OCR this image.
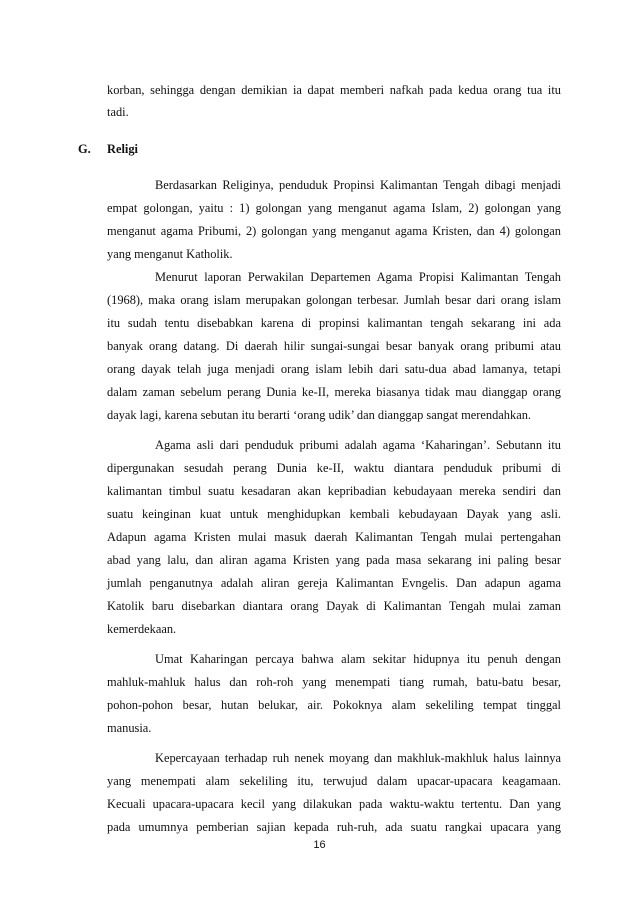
korban, sehingga dengan demikian ia dapat memberi nafkah pada kedua orang tua itu
tadi.
G. Religi
Berdasarkan Religinya, penduduk Propinsi Kalimantan Tengah dibagi menjadi
empat golongan, yaitu : 1) golongan yang menganut agama Islam, 2) golongan yang
menganut agama Pribumi, 2) golongan yang menganut agama Kristen, dan 4) golongan
yang menganut Katholik.
Menurut laporan Perwakilan Departemen Agama Propisi Kalimantan Tengah
(1968), maka orang islam merupakan golongan terbesar. Jumlah besar dari orang islam
itu sudah tentu disebabkan karena di propinsi kalimantan tengah sekarang ini ada
banyak orang datang. Di daerah hilir sungai-sungai besar banyak orang pribumi atau
orang dayak telah juga menjadi orang islam lebih dari satu-dua abad lamanya, tetapi
dalam zaman sebelum perang Dunia ke-II, mereka biasanya tidak mau dianggap orang
dayak lagi, karena sebutan itu berarti ‘orang udik’ dan dianggap sangat merendahkan.
Agama asli dari penduduk pribumi adalah agama ‘Kaharingan’. Sebutann itu
dipergunakan sesudah perang Dunia ke-II, waktu diantara penduduk pribumi di
kalimantan timbul suatu kesadaran akan kepribadian kebudayaan mereka sendiri dan
suatu keinginan kuat untuk menghidupkan kembali kebudayaan Dayak yang asli.
Adapun agama Kristen mulai masuk daerah Kalimantan Tengah mulai pertengahan
abad yang lalu, dan aliran agama Kristen yang pada masa sekarang ini paling besar
jumlah penganutnya adalah aliran gereja Kalimantan Evngelis. Dan adapun agama
Katolik baru disebarkan diantara orang Dayak di Kalimantan Tengah mulai zaman
kemerdekaan.
Umat Kaharingan percaya bahwa alam sekitar hidupnya itu penuh dengan
mahluk-mahluk halus dan roh-roh yang menempati tiang rumah, batu-batu besar,
pohon-pohon besar, hutan belukar, air. Pokoknya alam sekeliling tempat tinggal
manusia.
Kepercayaan terhadap ruh nenek moyang dan makhluk-makhluk halus lainnya
yang menempati alam sekeliling itu, terwujud dalam upacar-upacara keagamaan.
Kecuali upacara-upacara kecil yang dilakukan pada waktu-waktu tertentu. Dan yang
pada umumnya pemberian sajian kepada ruh-ruh, ada suatu rangkai upacara yang
16
